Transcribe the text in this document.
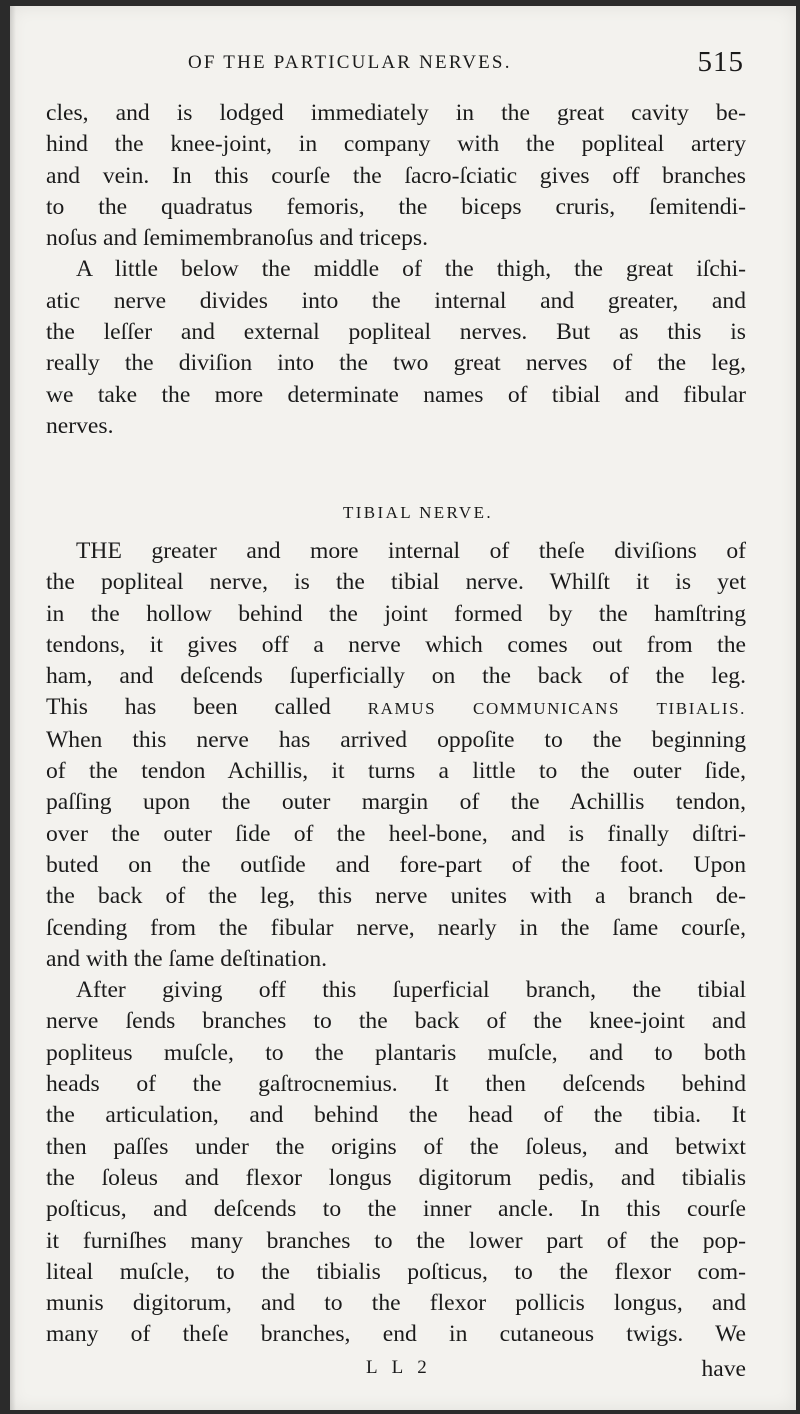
OF THE PARTICULAR NERVES.	515
cles, and is lodged immediately in the great cavity be-
hind the knee-joint, in company with the popliteal artery
and vein. In this courſe the ſacro-ſciatic gives off branches
to the quadratus femoris, the biceps cruris, ſemitendi-
noſus and ſemimembranoſus and triceps.
A little below the middle of the thigh, the great iſchi-
atic nerve divides into the internal and greater, and
the leſſer and external popliteal nerves. But as this is
really the diviſion into the two great nerves of the leg,
we take the more determinate names of tibial and fibular
nerves.
TIBIAL NERVE.
THE greater and more internal of theſe diviſions of
the popliteal nerve, is the tibial nerve. Whilſt it is yet
in the hollow behind the joint formed by the hamſtring
tendons, it gives off a nerve which comes out from the
ham, and deſcends ſuperficially on the back of the leg.
This has been called RAMUS COMMUNICANS TIBIALIS.
When this nerve has arrived oppoſite to the beginning
of the tendon Achillis, it turns a little to the outer ſide,
paſſing upon the outer margin of the Achillis tendon,
over the outer ſide of the heel-bone, and is finally diſtri-
buted on the outſide and fore-part of the foot. Upon
the back of the leg, this nerve unites with a branch de-
ſcending from the fibular nerve, nearly in the ſame courſe,
and with the ſame deſtination.
After giving off this ſuperficial branch, the tibial
nerve ſends branches to the back of the knee-joint and
popliteus muſcle, to the plantaris muſcle, and to both
heads of the gaſtrocnemius. It then deſcends behind
the articulation, and behind the head of the tibia. It
then paſſes under the origins of the ſoleus, and betwixt
the ſoleus and flexor longus digitorum pedis, and tibialis
poſticus, and deſcends to the inner ancle. In this courſe
it furniſhes many branches to the lower part of the pop-
liteal muſcle, to the tibialis poſticus, to the flexor com-
munis digitorum, and to the flexor pollicis longus, and
many of theſe branches, end in cutaneous twigs. We
L L 2	have
